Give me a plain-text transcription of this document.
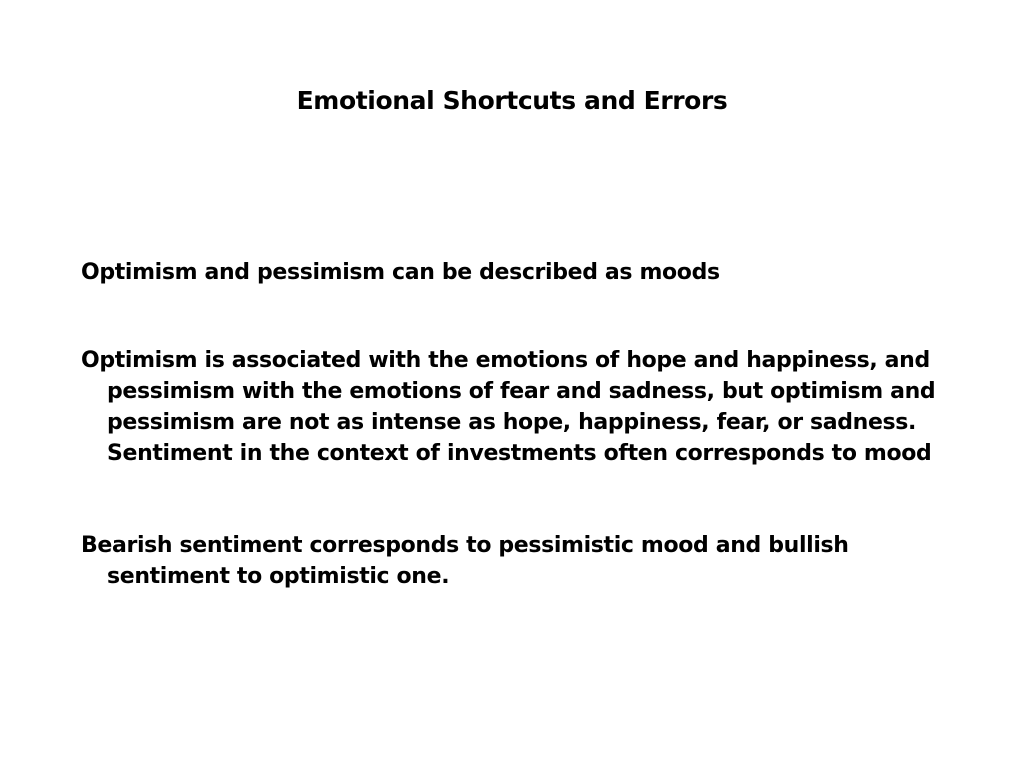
Emotional Shortcuts and Errors

Optimism and pessimism can be described as moods

Optimism is associated with the emotions of hope and happiness, and pessimism with the emotions of fear and sadness, but optimism and pessimism are not as intense as hope, happiness, fear, or sadness. Sentiment in the context of investments often corresponds to mood

Bearish sentiment corresponds to pessimistic mood and bullish sentiment to optimistic one.
